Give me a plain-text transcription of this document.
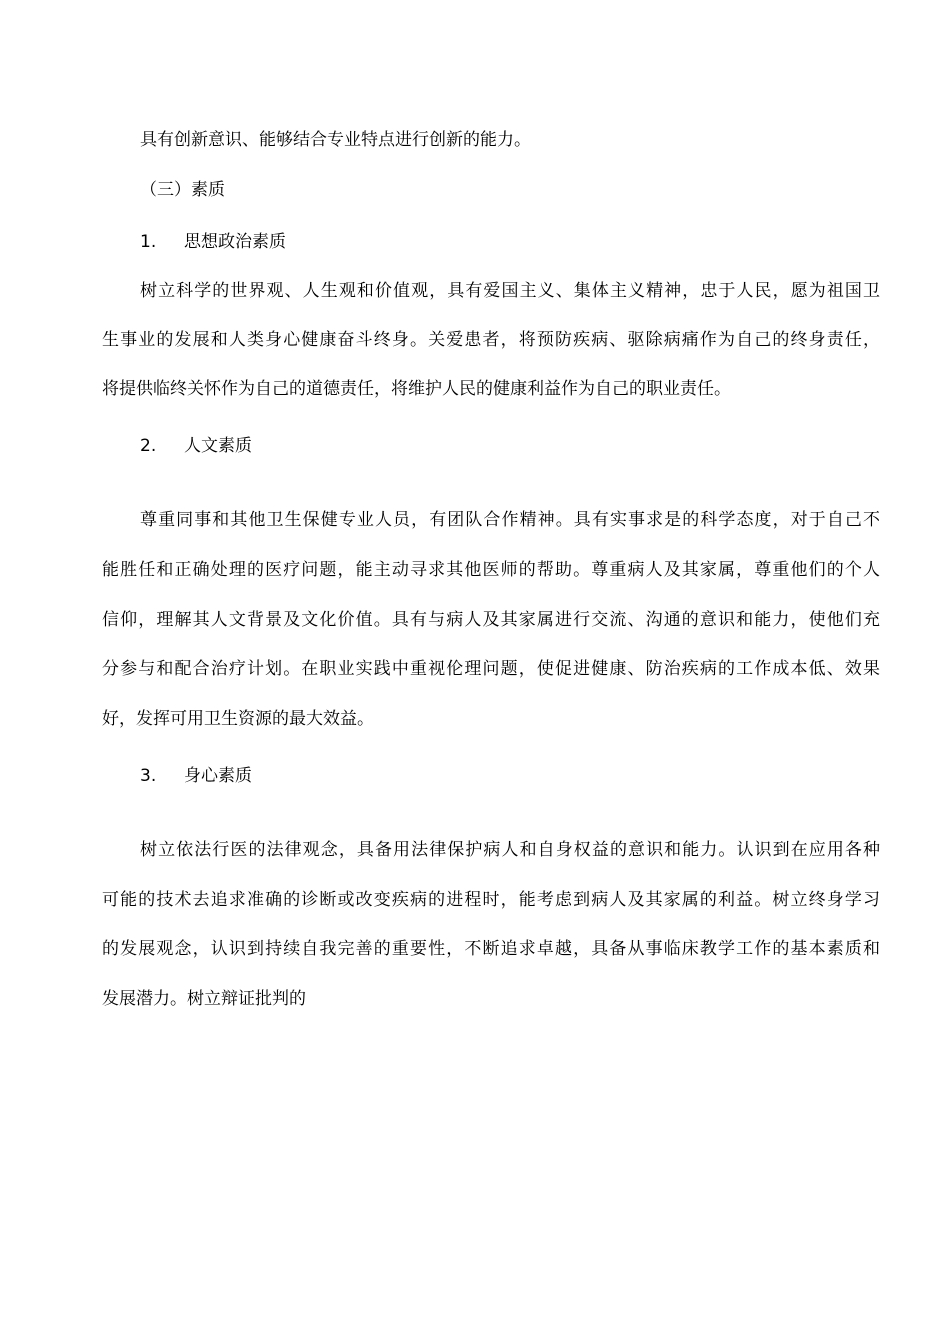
具有创新意识、能够结合专业特点进行创新的能力。
（三）素质
1. 思想政治素质
树立科学的世界观、人生观和价值观，具有爱国主义、集体主义精神，忠于人民，愿为祖国卫
生事业的发展和人类身心健康奋斗终身。关爱患者，将预防疾病、驱除病痛作为自己的终身责任，
将提供临终关怀作为自己的道德责任，将维护人民的健康利益作为自己的职业责任。
2. 人文素质
尊重同事和其他卫生保健专业人员，有团队合作精神。具有实事求是的科学态度，对于自己不
能胜任和正确处理的医疗问题，能主动寻求其他医师的帮助。尊重病人及其家属，尊重他们的个人
信仰，理解其人文背景及文化价值。具有与病人及其家属进行交流、沟通的意识和能力，使他们充
分参与和配合治疗计划。在职业实践中重视伦理问题，使促进健康、防治疾病的工作成本低、效果
好，发挥可用卫生资源的最大效益。
3. 身心素质
树立依法行医的法律观念，具备用法律保护病人和自身权益的意识和能力。认识到在应用各种
可能的技术去追求准确的诊断或改变疾病的进程时，能考虑到病人及其家属的利益。树立终身学习
的发展观念，认识到持续自我完善的重要性，不断追求卓越，具备从事临床教学工作的基本素质和
发展潜力。树立辩证批判的
